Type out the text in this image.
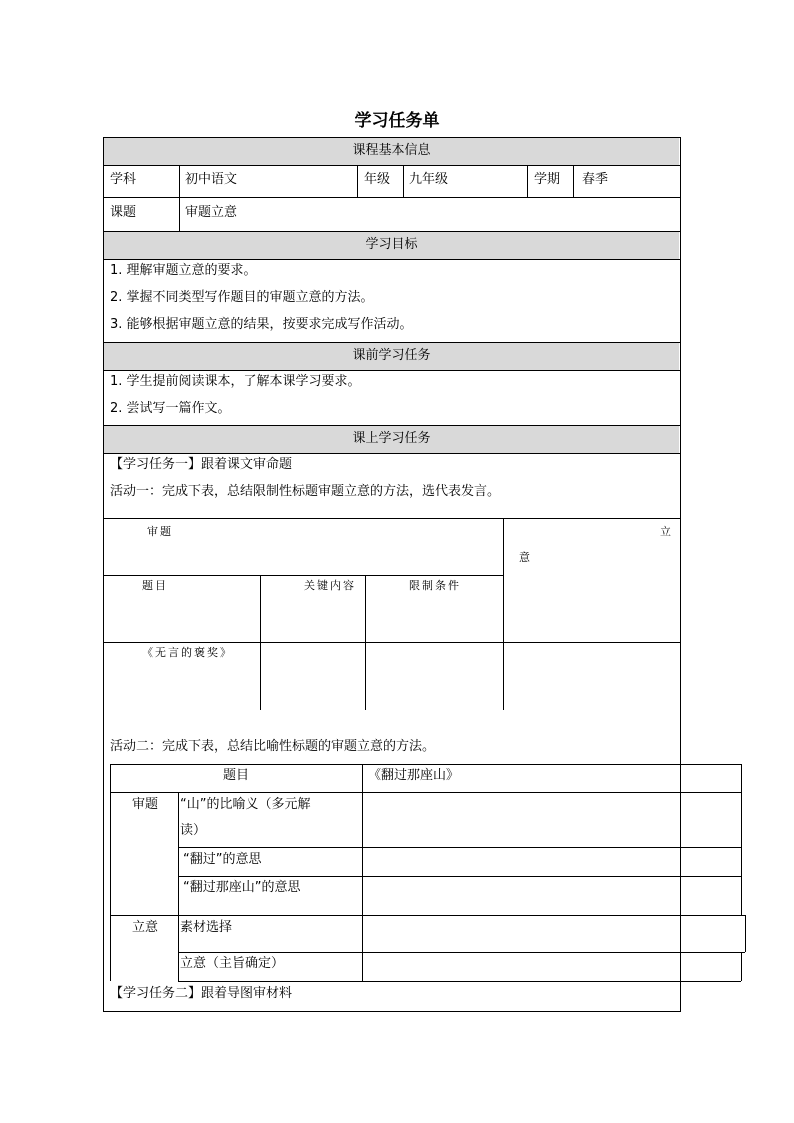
学习任务单
课程基本信息
学科	初中语文	年级 九年级	学期 春季
课题	审题立意
学习目标
1. 理解审题立意的要求。
2. 掌握不同类型写作题目的审题立意的方法。
3. 能够根据审题立意的结果，按要求完成写作活动。
课前学习任务
1. 学生提前阅读课本，了解本课学习要求。
2. 尝试写一篇作文。
课上学习任务
【学习任务一】跟着课文审命题
活动一：完成下表，总结限制性标题审题立意的方法，选代表发言。
审题	立
意
题目	关键内容	限制条件
《无言的褒奖》
活动二：完成下表，总结比喻性标题的审题立意的方法。
题目	《翻过那座山》
审题 “山”的比喻义（多元解
读）
“翻过”的意思
“翻过那座山”的意思
立意 素材选择
立意（主旨确定）
【学习任务二】跟着导图审材料
